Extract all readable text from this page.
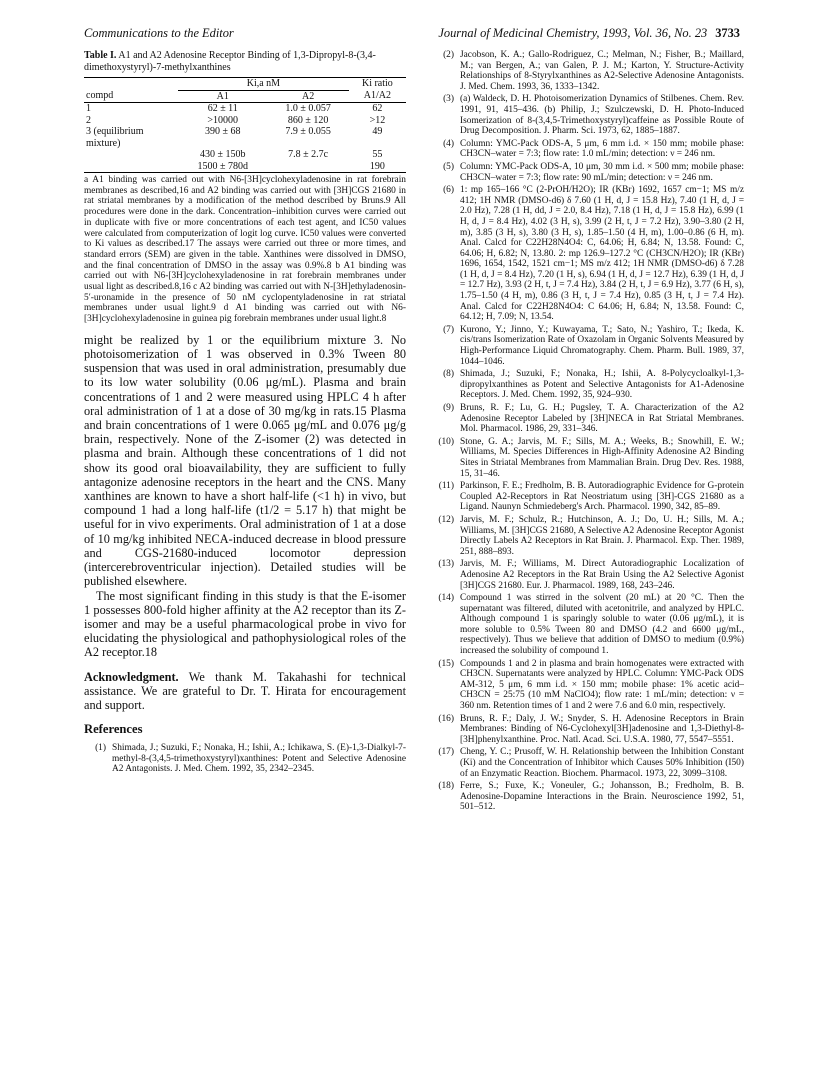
Communications to the Editor	Journal of Medicinal Chemistry, 1993, Vol. 36, No. 23 3733
Table I. A1 and A2 Adenosine Receptor Binding of 1,3-Dipropyl-8-(3,4-dimethoxystyryl)-7-methylxanthines
	Ki,a nM		Ki ratio
compd	A1	A2	A1/A2
1	62 ± 11	1.0 ± 0.057	62
2	>10000	860 ± 120	>12
3 (equilibrium mixture)	390 ± 68	7.9 ± 0.055	49
	430 ± 150b	7.8 ± 2.7c	55
	1500 ± 780d		190
a A1 binding was carried out with N6-[3H]cyclohexyladenosine in rat forebrain membranes as described,16 and A2 binding was carried out with [3H]CGS 21680 in rat striatal membranes by a modification of the method described by Bruns.9 All procedures were done in the dark. Concentration–inhibition curves were carried out in duplicate with five or more concentrations of each test agent, and IC50 values were calculated from computerization of logit log curve. IC50 values were converted to Ki values as described.17 The assays were carried out three or more times, and standard errors (SEM) are given in the table. Xanthines were dissolved in DMSO, and the final concentration of DMSO in the assay was 0.9%.8 b A1 binding was carried out with N6-[3H]cyclohexyladenosine in rat forebrain membranes under usual light as described.8,16 c A2 binding was carried out with N-[3H]ethyladenosin-5′-uronamide in the presence of 50 nM cyclopentyladenosine in rat striatal membranes under usual light.9 d A1 binding was carried out with N6-[3H]cyclohexyladenosine in guinea pig forebrain membranes under usual light.8

might be realized by 1 or the equilibrium mixture 3. No photoisomerization of 1 was observed in 0.3% Tween 80 suspension that was used in oral administration, presumably due to its low water solubility (0.06 μg/mL). Plasma and brain concentrations of 1 and 2 were measured using HPLC 4 h after oral administration of 1 at a dose of 30 mg/kg in rats.15 Plasma and brain concentrations of 1 were 0.065 μg/mL and 0.076 μg/g brain, respectively. None of the Z-isomer (2) was detected in plasma and brain. Although these concentrations of 1 did not show its good oral bioavailability, they are sufficient to fully antagonize adenosine receptors in the heart and the CNS. Many xanthines are known to have a short half-life (<1 h) in vivo, but compound 1 had a long half-life (t1/2 = 5.17 h) that might be useful for in vivo experiments. Oral administration of 1 at a dose of 10 mg/kg inhibited NECA-induced decrease in blood pressure and CGS-21680-induced locomotor depression (intercerebroventricular injection). Detailed studies will be published elsewhere.

The most significant finding in this study is that the E-isomer 1 possesses 800-fold higher affinity at the A2 receptor than its Z-isomer and may be a useful pharmacological probe in vivo for elucidating the physiological and pathophysiological roles of the A2 receptor.18

Acknowledgment. We thank M. Takahashi for technical assistance. We are grateful to Dr. T. Hirata for encouragement and support.

References
(1) Shimada, J.; Suzuki, F.; Nonaka, H.; Ishii, A.; Ichikawa, S. (E)-1,3-Dialkyl-7-methyl-8-(3,4,5-trimethoxystyryl)xanthines: Potent and Selective Adenosine A2 Antagonists. J. Med. Chem. 1992, 35, 2342–2345.
(2) Jacobson, K. A.; Gallo-Rodriguez, C.; Melman, N.; Fisher, B.; Maillard, M.; van Bergen, A.; van Galen, P. J. M.; Karton, Y. Structure-Activity Relationships of 8-Styrylxanthines as A2-Selective Adenosine Antagonists. J. Med. Chem. 1993, 36, 1333–1342.
(3) (a) Waldeck, D. H. Photoisomerization Dynamics of Stilbenes. Chem. Rev. 1991, 91, 415–436. (b) Philip, J.; Szulczewski, D. H. Photo-Induced Isomerization of 8-(3,4,5-Trimethoxystyryl)caffeine as Possible Route of Drug Decomposition. J. Pharm. Sci. 1973, 62, 1885–1887.
(4) Column: YMC-Pack ODS-A, 5 μm, 6 mm i.d. × 150 mm; mobile phase: CH3CN–water = 7:3; flow rate: 1.0 mL/min; detection: ν = 246 nm.
(5) Column: YMC-Pack ODS-A, 10 μm, 30 mm i.d. × 500 mm; mobile phase: CH3CN–water = 7:3; flow rate: 90 mL/min; detection: ν = 246 nm.
(6) 1: mp 165–166 °C (2-PrOH/H2O); IR (KBr) 1692, 1657 cm−1; MS m/z 412; 1H NMR (DMSO-d6) δ 7.60 (1 H, d, J = 15.8 Hz), 7.40 (1 H, d, J = 2.0 Hz), 7.28 (1 H, dd, J = 2.0, 8.4 Hz), 7.18 (1 H, d, J = 15.8 Hz), 6.99 (1 H, d, J = 8.4 Hz), 4.02 (3 H, s), 3.99 (2 H, t, J = 7.2 Hz), 3.90–3.80 (2 H, m), 3.85 (3 H, s), 3.80 (3 H, s), 1.85–1.50 (4 H, m), 1.00–0.86 (6 H, m). Anal. Calcd for C22H28N4O4: C, 64.06; H, 6.84; N, 13.58. Found: C, 64.06; H, 6.82; N, 13.80. 2: mp 126.9–127.2 °C (CH3CN/H2O); IR (KBr) 1696, 1654, 1542, 1521 cm−1; MS m/z 412; 1H NMR (DMSO-d6) δ 7.28 (1 H, d, J = 8.4 Hz), 7.20 (1 H, s), 6.94 (1 H, d, J = 12.7 Hz), 6.39 (1 H, d, J = 12.7 Hz), 3.93 (2 H, t, J = 7.4 Hz), 3.84 (2 H, t, J = 6.9 Hz), 3.77 (6 H, s), 1.75–1.50 (4 H, m), 0.86 (3 H, t, J = 7.4 Hz), 0.85 (3 H, t, J = 7.4 Hz). Anal. Calcd for C22H28N4O4: C 64.06; H, 6.84; N, 13.58. Found: C, 64.12; H, 7.09; N, 13.54.
(7) Kurono, Y.; Jinno, Y.; Kuwayama, T.; Sato, N.; Yashiro, T.; Ikeda, K. cis/trans Isomerization Rate of Oxazolam in Organic Solvents Measured by High-Performance Liquid Chromatography. Chem. Pharm. Bull. 1989, 37, 1044–1046.
(8) Shimada, J.; Suzuki, F.; Nonaka, H.; Ishii, A. 8-Polycycloalkyl-1,3-dipropylxanthines as Potent and Selective Antagonists for A1-Adenosine Receptors. J. Med. Chem. 1992, 35, 924–930.
(9) Bruns, R. F.; Lu, G. H.; Pugsley, T. A. Characterization of the A2 Adenosine Receptor Labeled by [3H]NECA in Rat Striatal Membranes. Mol. Pharmacol. 1986, 29, 331–346.
(10) Stone, G. A.; Jarvis, M. F.; Sills, M. A.; Weeks, B.; Snowhill, E. W.; Williams, M. Species Differences in High-Affinity Adenosine A2 Binding Sites in Striatal Membranes from Mammalian Brain. Drug Dev. Res. 1988, 15, 31–46.
(11) Parkinson, F. E.; Fredholm, B. B. Autoradiographic Evidence for G-protein Coupled A2-Receptors in Rat Neostriatum using [3H]-CGS 21680 as a Ligand. Naunyn Schmiedeberg's Arch. Pharmacol. 1990, 342, 85–89.
(12) Jarvis, M. F.; Schulz, R.; Hutchinson, A. J.; Do, U. H.; Sills, M. A.; Williams, M. [3H]CGS 21680, A Selective A2 Adenosine Receptor Agonist Directly Labels A2 Receptors in Rat Brain. J. Pharmacol. Exp. Ther. 1989, 251, 888–893.
(13) Jarvis, M. F.; Williams, M. Direct Autoradiographic Localization of Adenosine A2 Receptors in the Rat Brain Using the A2 Selective Agonist [3H]CGS 21680. Eur. J. Pharmacol. 1989, 168, 243–246.
(14) Compound 1 was stirred in the solvent (20 mL) at 20 °C. Then the supernatant was filtered, diluted with acetonitrile, and analyzed by HPLC. Although compound 1 is sparingly soluble to water (0.06 μg/mL), it is more soluble to 0.5% Tween 80 and DMSO (4.2 and 6600 μg/mL, respectively). Thus we believe that addition of DMSO to medium (0.9%) increased the solubility of compound 1.
(15) Compounds 1 and 2 in plasma and brain homogenates were extracted with CH3CN. Supernatants were analyzed by HPLC. Column: YMC-Pack ODS AM-312, 5 μm, 6 mm i.d. × 150 mm; mobile phase: 1% acetic acid–CH3CN = 25:75 (10 mM NaClO4); flow rate: 1 mL/min; detection: ν = 360 nm. Retention times of 1 and 2 were 7.6 and 6.0 min, respectively.
(16) Bruns, R. F.; Daly, J. W.; Snyder, S. H. Adenosine Receptors in Brain Membranes: Binding of N6-Cyclohexyl[3H]adenosine and 1,3-Diethyl-8-[3H]phenylxanthine. Proc. Natl. Acad. Sci. U.S.A. 1980, 77, 5547–5551.
(17) Cheng, Y. C.; Prusoff, W. H. Relationship between the Inhibition Constant (Ki) and the Concentration of Inhibitor which Causes 50% Inhibition (I50) of an Enzymatic Reaction. Biochem. Pharmacol. 1973, 22, 3099–3108.
(18) Ferre, S.; Fuxe, K.; Voneuler, G.; Johansson, B.; Fredholm, B. B. Adenosine-Dopamine Interactions in the Brain. Neuroscience 1992, 51, 501–512.
